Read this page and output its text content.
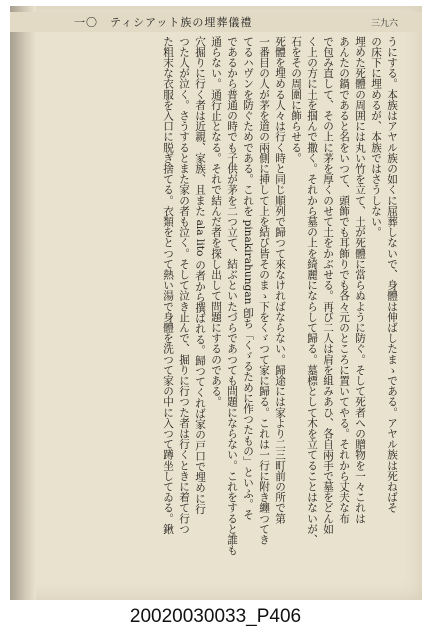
一〇　ティシアット族の埋葬儀禮	三九六
うにする。本族はアヤル族の如くに屈葬しないで、身體は伸ばしたまゝである。アヤル族は死ねばそ
の床下に埋めるが、本族ではさうしない。
埋めた死體の周囲には丸い竹を立て、土が死體に當らぬように防ぐ。そして死者への贈物を一々これは
あんたの鍋であると名をいつて、頭飾でも耳飾りでも各々元のところに置いてやる。それから丈夫な布
で包み直して、その上に茅を厚くのせて土をかぶせる。再び二人は肩を組みあひ、各自兩手で墓をどん如
く上の方に土を掴んで撒く。それから墓の上を綺麗にならして歸る。墓標として木を立てることはないが、
石をその周圍に飾らせる。
死體を埋める人々は行く時と同じ順列で歸つて來なければならない。歸途には家より二三町前の所で第
一番目の人が茅を道の兩側に挿して上を結び皆そのまゝ下をくゞつて家に歸る。これは一行に附き纏つてき
てるハヴンを防ぐためである。これを pinakirahungan 卽ち「くゞるために作つたもの」といふ。そ
であるから普通の時でも子供が茅を二つ立て、結ぶといたづらであつても問題にならない。これをすると誰も
通らない。通行止となる。それで結んだ者を探し出して問題にするのである。
穴掘りに行く者は近親、家族、且また ala lito の者から撰ばれる。歸つてくれば家の戸口で埋めに行
つた人が泣く。さうするとまた家の者も泣く。そして泣き止んで、掘りに行つた者は行くときに着て行つ
た粗末な衣服を入口に脱ぎ捨てる。衣類をとつて熱い湯で身體を洗つて家の中に入つて蹲坐してゐる。鍬
20020030033_P406
